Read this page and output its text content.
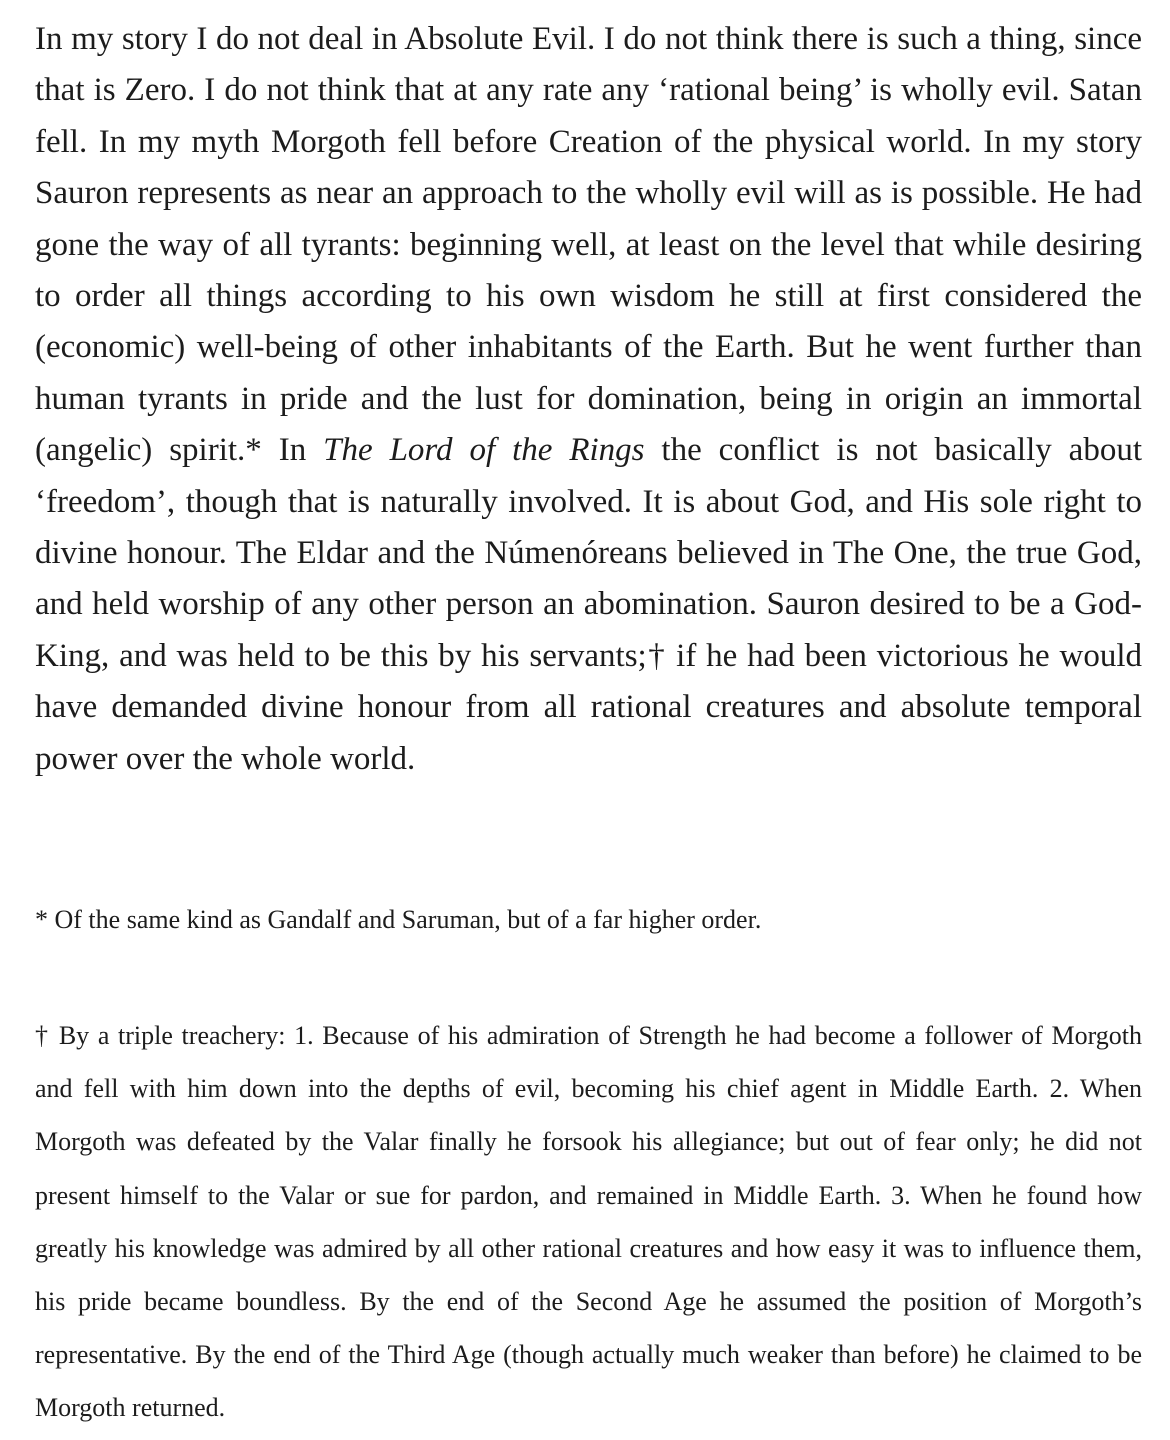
In my story I do not deal in Absolute Evil. I do not think there is such a thing, since that is Zero. I do not think that at any rate any ‘rational being’ is wholly evil. Satan fell. In my myth Morgoth fell before Creation of the physical world. In my story Sauron represents as near an approach to the wholly evil will as is possible. He had gone the way of all tyrants: beginning well, at least on the level that while desiring to order all things according to his own wisdom he still at first considered the (economic) well-being of other inhabitants of the Earth. But he went further than human tyrants in pride and the lust for domination, being in origin an immortal (angelic) spirit.* In The Lord of the Rings the conflict is not basically about ‘freedom’, though that is naturally involved. It is about God, and His sole right to divine honour. The Eldar and the Númenóreans believed in The One, the true God, and held worship of any other person an abomination. Sauron desired to be a God-King, and was held to be this by his servants;† if he had been victorious he would have demanded divine honour from all rational creatures and absolute temporal power over the whole world.

* Of the same kind as Gandalf and Saruman, but of a far higher order.

† By a triple treachery: 1. Because of his admiration of Strength he had become a follower of Morgoth and fell with him down into the depths of evil, becoming his chief agent in Middle Earth. 2. When Morgoth was defeated by the Valar finally he forsook his allegiance; but out of fear only; he did not present himself to the Valar or sue for pardon, and remained in Middle Earth. 3. When he found how greatly his knowledge was admired by all other rational creatures and how easy it was to influence them, his pride became boundless. By the end of the Second Age he assumed the position of Morgoth’s representative. By the end of the Third Age (though actually much weaker than before) he claimed to be Morgoth returned.
